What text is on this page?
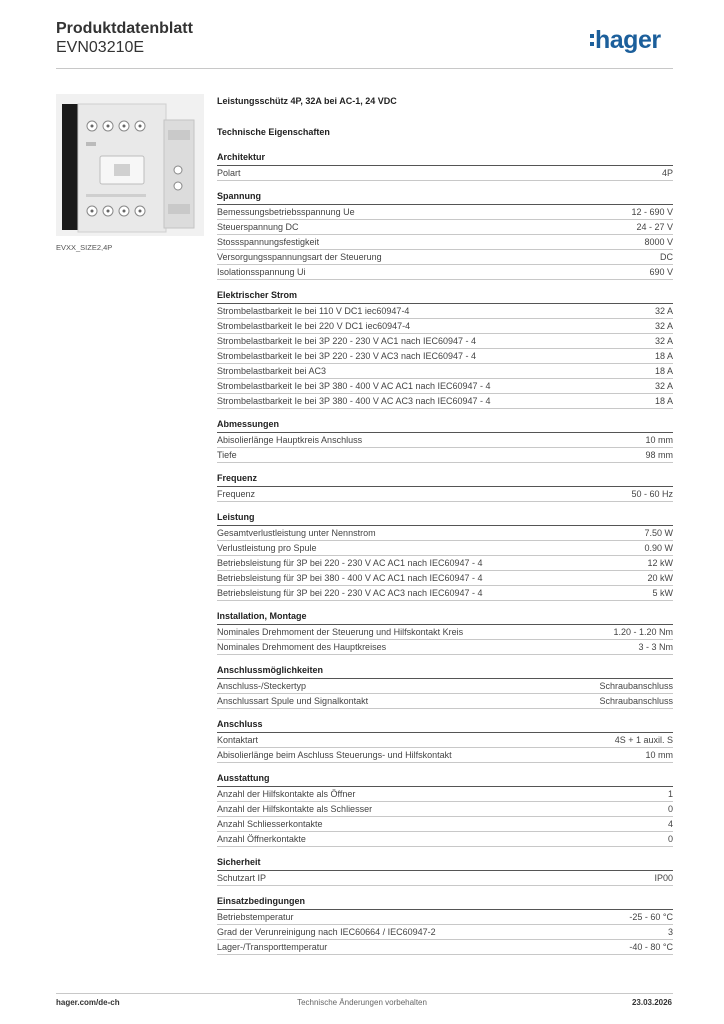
Produktdatenblatt
EVN03210E	hager
EVXX_SIZE2,4P
Leistungsschütz 4P, 32A bei AC-1, 24 VDC
Technische Eigenschaften
Architektur
Polart	4P
Spannung
Bemessungsbetriebsspannung Ue	12 - 690 V
Steuerspannung DC	24 - 27 V
Stossspannungsfestigkeit	8000 V
Versorgungsspannungsart der Steuerung	DC
Isolationsspannung Ui	690 V
Elektrischer Strom
Strombelastbarkeit Ie bei 110 V DC1 iec60947-4	32 A
Strombelastbarkeit Ie bei 220 V DC1 iec60947-4	32 A
Strombelastbarkeit Ie bei 3P 220 - 230 V AC1 nach IEC60947 - 4	32 A
Strombelastbarkeit Ie bei 3P 220 - 230 V AC3 nach IEC60947 - 4	18 A
Strombelastbarkeit bei AC3	18 A
Strombelastbarkeit Ie bei 3P 380 - 400 V AC AC1 nach IEC60947 - 4	32 A
Strombelastbarkeit Ie bei 3P 380 - 400 V AC AC3 nach IEC60947 - 4	18 A
Abmessungen
Abisolierlänge Hauptkreis Anschluss	10 mm
Tiefe	98 mm
Frequenz
Frequenz	50 - 60 Hz
Leistung
Gesamtverlustleistung unter Nennstrom	7.50 W
Verlustleistung pro Spule	0.90 W
Betriebsleistung für 3P bei 220 - 230 V AC AC1 nach IEC60947 - 4	12 kW
Betriebsleistung für 3P bei 380 - 400 V AC AC1 nach IEC60947 - 4	20 kW
Betriebsleistung für 3P bei 220 - 230 V AC AC3 nach IEC60947 - 4	5 kW
Installation, Montage
Nominales Drehmoment der Steuerung und Hilfskontakt Kreis	1.20 - 1.20 Nm
Nominales Drehmoment des Hauptkreises	3 - 3 Nm
Anschlussmöglichkeiten
Anschluss-/Steckertyp	Schraubanschluss
Anschlussart Spule und Signalkontakt	Schraubanschluss
Anschluss
Kontaktart	4S + 1 auxil. S
Abisolierlänge beim Aschluss Steuerungs- und Hilfskontakt	10 mm
Ausstattung
Anzahl der Hilfskontakte als Öffner	1
Anzahl der Hilfskontakte als Schliesser	0
Anzahl Schliesserkontakte	4
Anzahl Öffnerkontakte	0
Sicherheit
Schutzart IP	IP00
Einsatzbedingungen
Betriebstemperatur	-25 - 60 °C
Grad der Verunreinigung nach IEC60664 / IEC60947-2	3
Lager-/Transporttemperatur	-40 - 80 °C
hager.com/de-ch	Technische Änderungen vorbehalten	23.03.2026
